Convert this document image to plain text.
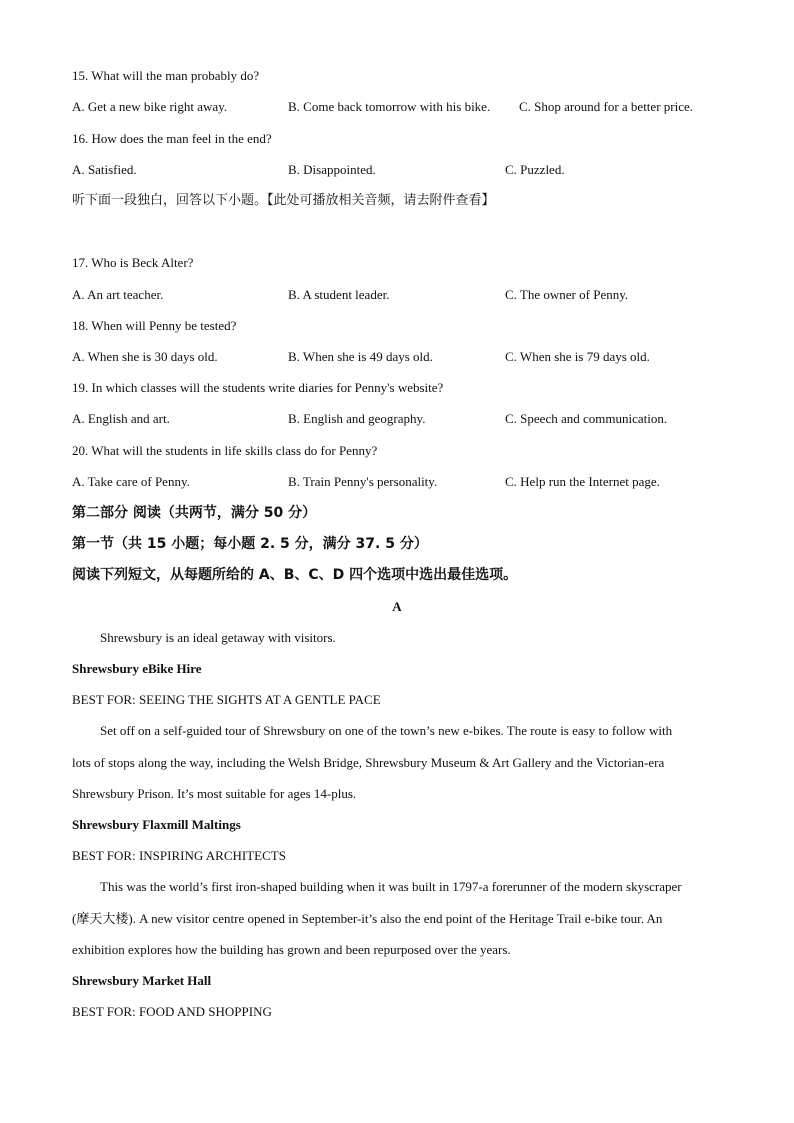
15. What will the man probably do?
A. Get a new bike right away.	B. Come back tomorrow with his bike. C. Shop around for a better price.
16. How does the man feel in the end?
A. Satisfied.	B. Disappointed.	C. Puzzled.
听下面一段独白，回答以下小题。【此处可播放相关音频，请去附件查看】
17. Who is Beck Alter?
A. An art teacher.	B. A student leader.	C. The owner of Penny.
18. When will Penny be tested?
A. When she is 30 days old.	B. When she is 49 days old.	C. When she is 79 days old.
19. In which classes will the students write diaries for Penny's website?
A. English and art.	B. English and geography.	C. Speech and communication.
20. What will the students in life skills class do for Penny?
A. Take care of Penny.	B. Train Penny's personality.	C. Help run the Internet page.
第二部分 阅读（共两节，满分 50 分）
第一节（共 15 小题；每小题 2. 5 分，满分 37. 5 分）
阅读下列短文，从每题所给的 A、B、C、D 四个选项中选出最佳选项。
A
Shrewsbury is an ideal getaway with visitors.
Shrewsbury eBike Hire
BEST FOR: SEEING THE SIGHTS AT A GENTLE PACE
Set off on a self-guided tour of Shrewsbury on one of the town’s new e-bikes. The route is easy to follow with
lots of stops along the way, including the Welsh Bridge, Shrewsbury Museum & Art Gallery and the Victorian-era
Shrewsbury Prison. It’s most suitable for ages 14-plus.
Shrewsbury Flaxmill Maltings
BEST FOR: INSPIRING ARCHITECTS
This was the world’s first iron-shaped building when it was built in 1797-a forerunner of the modern skyscraper
(摩天大楼). A new visitor centre opened in September-it’s also the end point of the Heritage Trail e-bike tour. An
exhibition explores how the building has grown and been repurposed over the years.
Shrewsbury Market Hall
BEST FOR: FOOD AND SHOPPING
